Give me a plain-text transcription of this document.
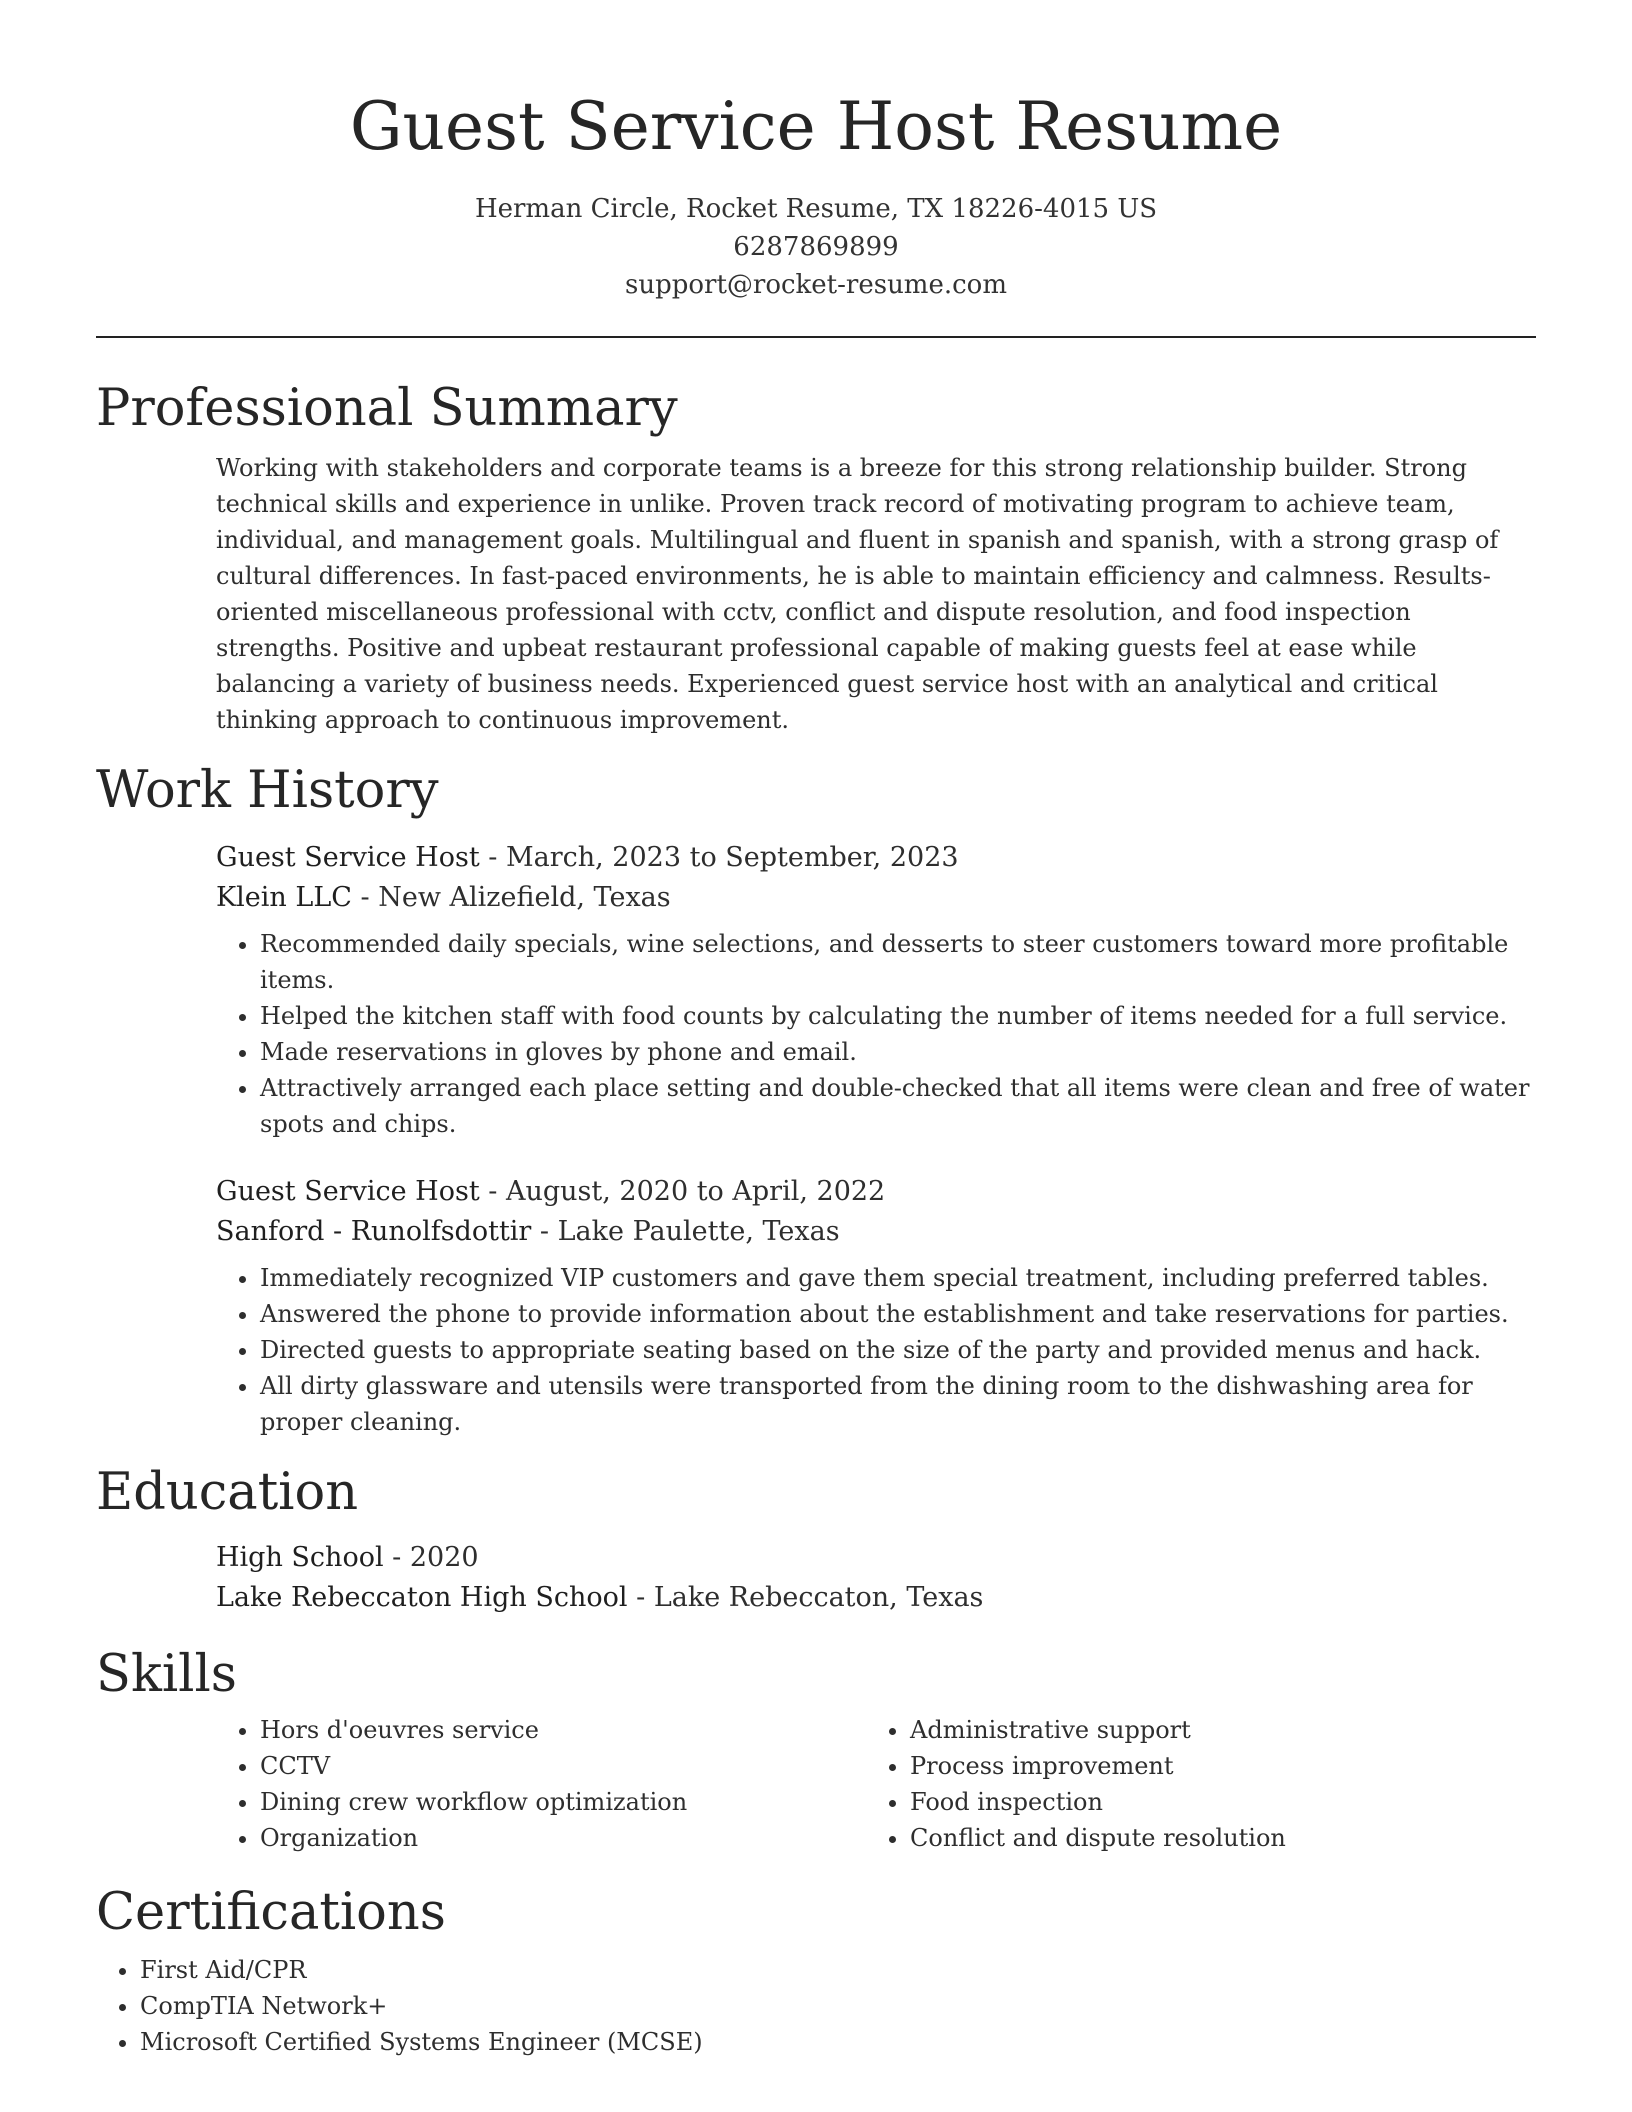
Guest Service Host Resume
Herman Circle, Rocket Resume, TX 18226-4015 US
6287869899
support@rocket-resume.com
Professional Summary

Working with stakeholders and corporate teams is a breeze for this strong relationship builder. Strong technical skills and experience in unlike. Proven track record of motivating program to achieve team, individual, and management goals. Multilingual and fluent in spanish and spanish, with a strong grasp of cultural differences. In fast-paced environments, he is able to maintain efficiency and calmness. Results-oriented miscellaneous professional with cctv, conflict and dispute resolution, and food inspection strengths. Positive and upbeat restaurant professional capable of making guests feel at ease while balancing a variety of business needs. Experienced guest service host with an analytical and critical thinking approach to continuous improvement.

Work History
Guest Service Host - March, 2023 to September, 2023
Klein LLC - New Alizefield, Texas
• Recommended daily specials, wine selections, and desserts to steer customers toward more profitable items.
• Helped the kitchen staff with food counts by calculating the number of items needed for a full service.
• Made reservations in gloves by phone and email.
• Attractively arranged each place setting and double-checked that all items were clean and free of water spots and chips.
Guest Service Host - August, 2020 to April, 2022
Sanford - Runolfsdottir - Lake Paulette, Texas
• Immediately recognized VIP customers and gave them special treatment, including preferred tables.
• Answered the phone to provide information about the establishment and take reservations for parties.
• Directed guests to appropriate seating based on the size of the party and provided menus and hack.
• All dirty glassware and utensils were transported from the dining room to the dishwashing area for proper cleaning.
Education
High School - 2020
Lake Rebeccaton High School - Lake Rebeccaton, Texas
Skills
• Hors d'oeuvres service
• CCTV
• Dining crew workflow optimization
• Organization
• Administrative support
• Process improvement
• Food inspection
• Conflict and dispute resolution
Certifications
• First Aid/CPR
• CompTIA Network+
• Microsoft Certified Systems Engineer (MCSE)
